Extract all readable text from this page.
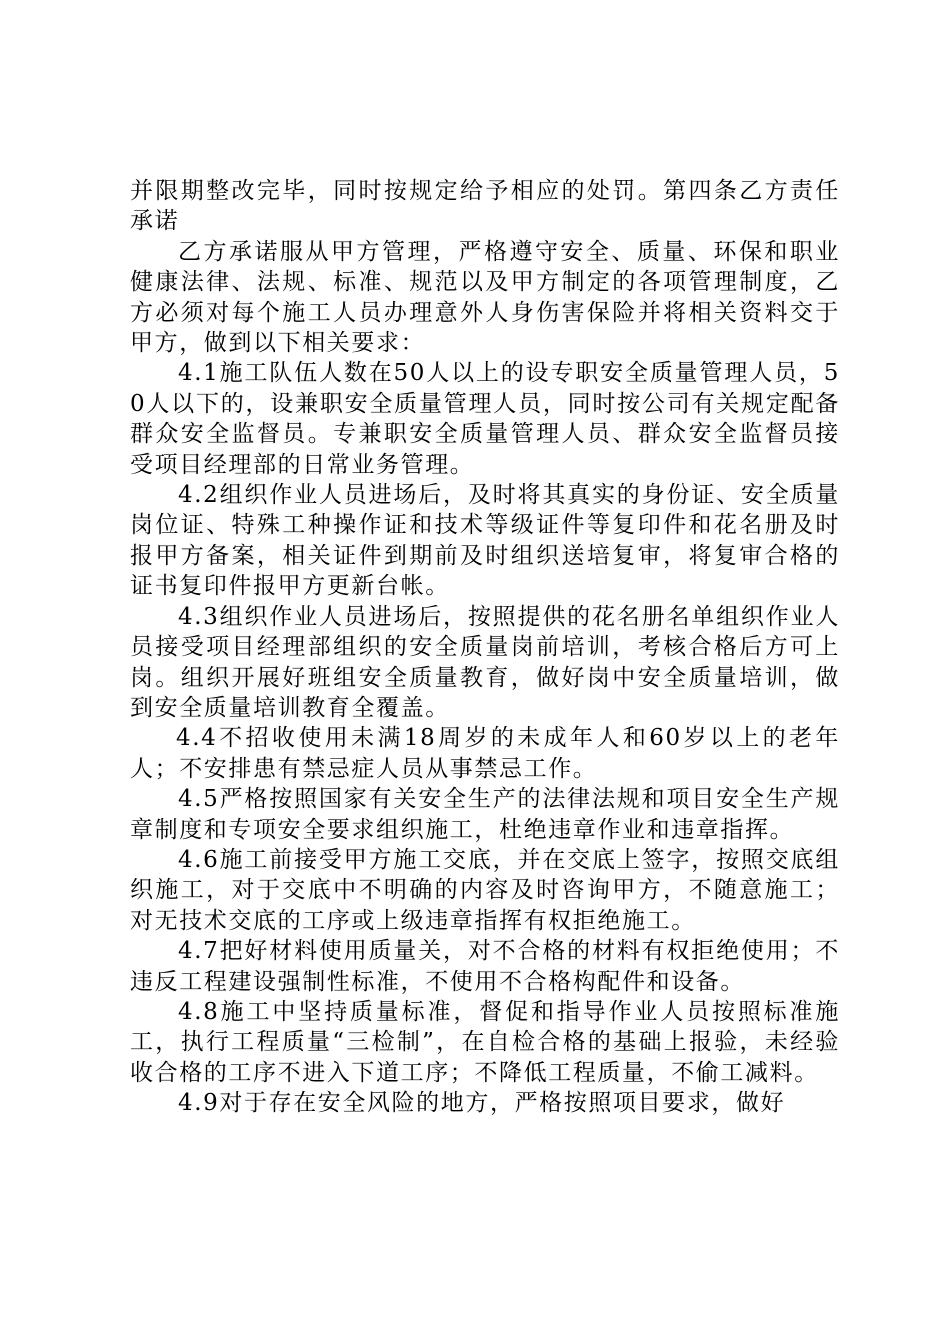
并限期整改完毕，同时按规定给予相应的处罚。第四条乙方责任承诺

乙方承诺服从甲方管理，严格遵守安全、质量、环保和职业健康法律、法规、标准、规范以及甲方制定的各项管理制度，乙方必须对每个施工人员办理意外人身伤害保险并将相关资料交于甲方，做到以下相关要求：

4.1施工队伍人数在50人以上的设专职安全质量管理人员，50人以下的，设兼职安全质量管理人员，同时按公司有关规定配备群众安全监督员。专兼职安全质量管理人员、群众安全监督员接受项目经理部的日常业务管理。

4.2组织作业人员进场后，及时将其真实的身份证、安全质量岗位证、特殊工种操作证和技术等级证件等复印件和花名册及时报甲方备案，相关证件到期前及时组织送培复审，将复审合格的证书复印件报甲方更新台帐。

4.3组织作业人员进场后，按照提供的花名册名单组织作业人员接受项目经理部组织的安全质量岗前培训，考核合格后方可上岗。组织开展好班组安全质量教育，做好岗中安全质量培训，做到安全质量培训教育全覆盖。

4.4不招收使用未满18周岁的未成年人和60岁以上的老年人；不安排患有禁忌症人员从事禁忌工作。

4.5严格按照国家有关安全生产的法律法规和项目安全生产规章制度和专项安全要求组织施工，杜绝违章作业和违章指挥。

4.6施工前接受甲方施工交底，并在交底上签字，按照交底组织施工，对于交底中不明确的内容及时咨询甲方，不随意施工；对无技术交底的工序或上级违章指挥有权拒绝施工。

4.7把好材料使用质量关，对不合格的材料有权拒绝使用；不违反工程建设强制性标准，不使用不合格构配件和设备。

4.8施工中坚持质量标准，督促和指导作业人员按照标准施工，执行工程质量“三检制”，在自检合格的基础上报验，未经验收合格的工序不进入下道工序；不降低工程质量，不偷工减料。

4.9对于存在安全风险的地方，严格按照项目要求，做好
